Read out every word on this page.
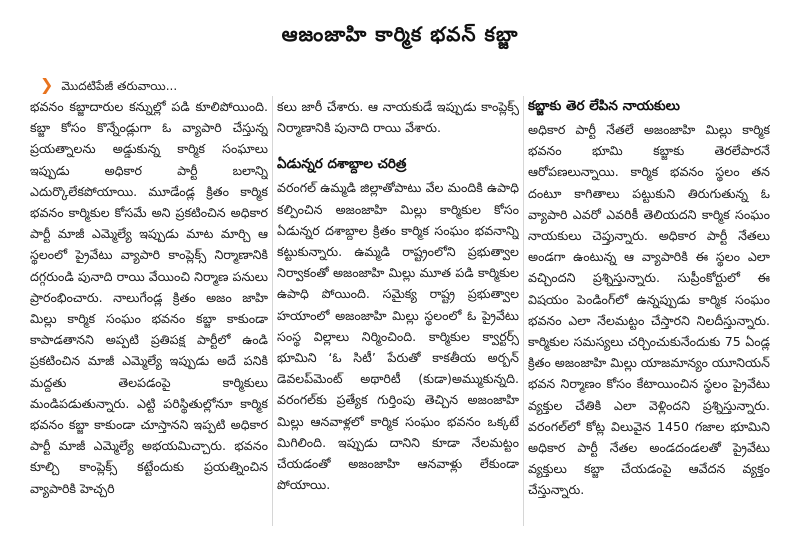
ఆజంజాహి కార్మిక భవన్ కబ్జా
❯ మొదటిపేజీ తరువాయి...

భవనం కబ్జాదారుల కన్నుల్లో పడి కూలిపోయింది. కబ్జా కోసం కొన్నేండ్లుగా ఓ వ్యాపారి చేస్తున్న ప్రయత్నాలను అడ్డుకున్న కార్మిక సంఘాలు ఇప్పుడు అధికార పార్టీ బలాన్ని ఎదుర్కొలేకపోయాయి. మూడేండ్ల క్రితం కార్మిక భవనం కార్మికుల కోసమే అని ప్రకటించిన అధికార పార్టీ మాజీ ఎమ్మెల్యే ఇప్పుడు మాట మార్చి ఆ స్థలంలో ప్రైవేటు వ్యాపారి కాంప్లెక్స్ నిర్మాణానికి దగ్గరుండి పునాది రాయి వేయించి నిర్మాణ పనులు ప్రారంభించారు. నాలుగేండ్ల క్రితం అజం జాహి మిల్లు కార్మిక సంఘం భవనం కబ్జా కాకుండా కాపాడతానని అప్పటి ప్రతిపక్ష పార్టీలో ఉండి ప్రకటించిన మాజీ ఎమ్మెల్యే ఇప్పుడు అదే పనికి మద్దతు తెలపడంపై కార్మికులు మండిపడుతున్నారు. ఎట్టి పరిస్థితుల్లోనూ కార్మిక భవనం కబ్జా కాకుండా చూస్తానని ఇప్పటి అధికార పార్టీ మాజీ ఎమ్మెల్యే అభయమిచ్చారు. భవనం కూల్చి కాంప్లెక్స్ కట్టేందుకు ప్రయత్నించిన వ్యాపారికి హెచ్చరి

కలు జారీ చేశారు. ఆ నాయకుడే ఇప్పుడు కాంప్లెక్స్ నిర్మాణానికి పునాది రాయి వేశారు.

ఏడున్నర దశాబ్దాల చరిత్ర

వరంగల్ ఉమ్మడి జిల్లాతోపాటు వేల మందికి ఉపాధి కల్పించిన అజంజాహి మిల్లు కార్మికుల కోసం ఏడున్నర దశాబ్దాల క్రితం కార్మిక సంఘం భవనాన్ని కట్టుకున్నారు. ఉమ్మడి రాష్ట్రంలోని ప్రభుత్వాల నిర్వాకంతో అజంజాహి మిల్లు మూత పడి కార్మికుల ఉపాధి పోయింది. సమైక్య రాష్ట్ర ప్రభుత్వాల హయాంలో అజంజాహి మిల్లు స్థలంలో ఓ ప్రైవేటు సంస్థ విల్లాలు నిర్మించింది. కార్మికుల క్వార్టర్స్ భూమిని ‘ఓ సిటీ’ పేరుతో కాకతీయ అర్బన్ డెవలప్‌మెంట్ అథారిటీ (కుడా)అమ్ముకున్నది. వరంగల్‌కు ప్రత్యేక గుర్తింపు తెచ్చిన అజంజాహి మిల్లు ఆనవాళ్లలో కార్మిక సంఘం భవనం ఒక్కటే మిగిలింది. ఇప్పుడు దానిని కూడా నేలమట్టం చేయడంతో అజంజాహి ఆనవాళ్లు లేకుండా పోయాయి.

కబ్జాకు తెర లేపిన నాయకులు

అధికార పార్టీ నేతలే అజంజాహి మిల్లు కార్మిక భవనం భూమి కబ్జాకు తెరలేపారనే ఆరోపణలున్నాయి. కార్మిక భవనం స్థలం తన దంటూ కాగితాలు పట్టుకుని తిరుగుతున్న ఓ వ్యాపారి ఎవరో ఎవరికీ తెలియదని కార్మిక సంఘం నాయకులు చెప్తున్నారు. అధికార పార్టీ నేతలు అండగా ఉంటున్న ఆ వ్యాపారికి ఈ స్థలం ఎలా వచ్చిందని ప్రశ్నిస్తున్నారు. సుప్రీంకోర్టులో ఈ విషయం పెండింగ్‌లో ఉన్నప్పుడు కార్మిక సంఘం భవనం ఎలా నేలమట్టం చేస్తారని నిలదీస్తున్నారు. కార్మికుల సమస్యలు చర్చించుకునేందుకు 75 ఏండ్ల క్రితం అజంజాహి మిల్లు యాజమాన్యం యూనియన్ భవన నిర్మాణం కోసం కేటాయించిన స్థలం ప్రైవేటు వ్యక్తుల చేతికి ఎలా వెళ్లిందని ప్రశ్నిస్తున్నారు. వరంగల్‌లో కోట్ల విలువైన 1450 గజాల భూమిని అధికార పార్టీ నేతల అండదండలతో ప్రైవేటు వ్యక్తులు కబ్జా చేయడంపై ఆవేదన వ్యక్తం చేస్తున్నారు.
